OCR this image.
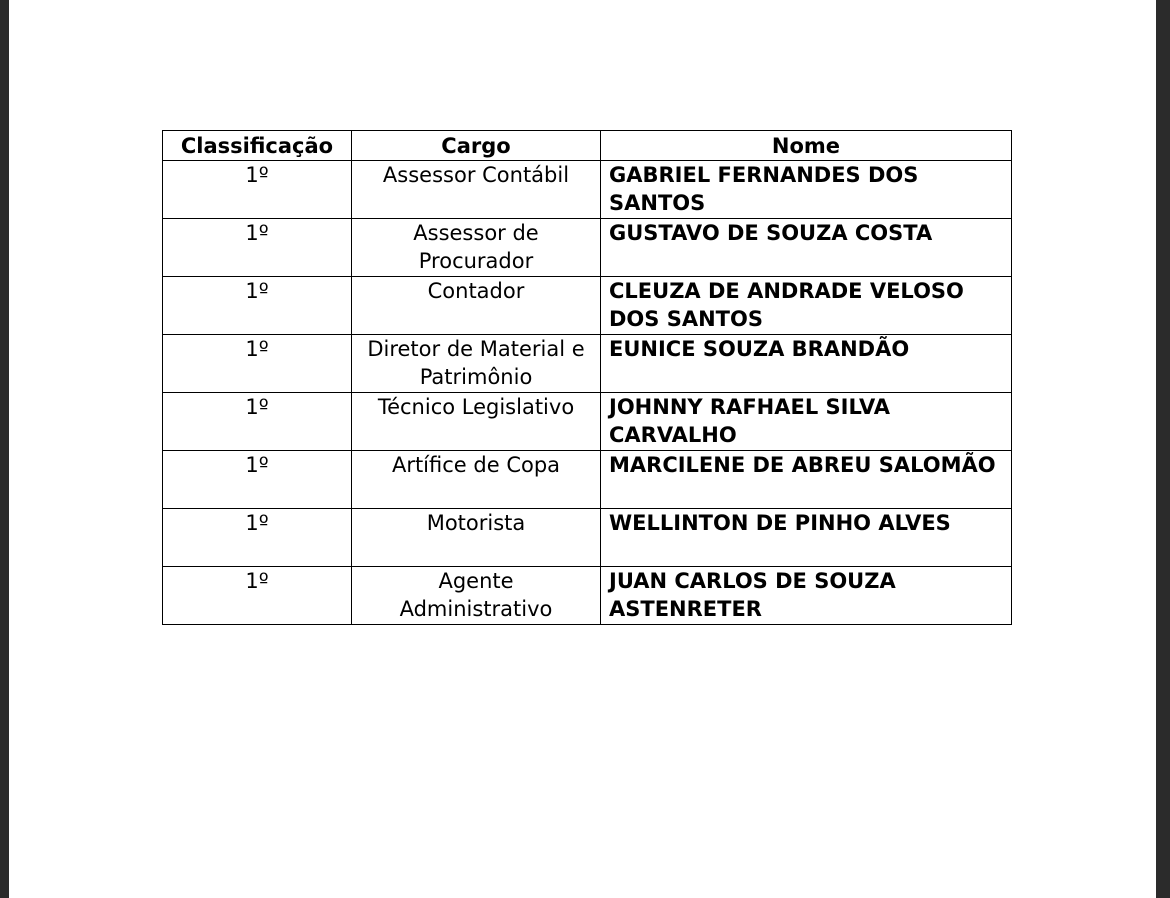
Classificação	Cargo	Nome
1º	Assessor Contábil	GABRIEL FERNANDES DOS SANTOS
1º	Assessor de Procurador	GUSTAVO DE SOUZA COSTA
1º	Contador	CLEUZA DE ANDRADE VELOSO DOS SANTOS
1º	Diretor de Material e Patrimônio	EUNICE SOUZA BRANDÃO
1º	Técnico Legislativo	JOHNNY RAFHAEL SILVA CARVALHO
1º	Artífice de Copa	MARCILENE DE ABREU SALOMÃO
1º	Motorista	WELLINTON DE PINHO ALVES
1º	Agente Administrativo	JUAN CARLOS DE SOUZA ASTENRETER
